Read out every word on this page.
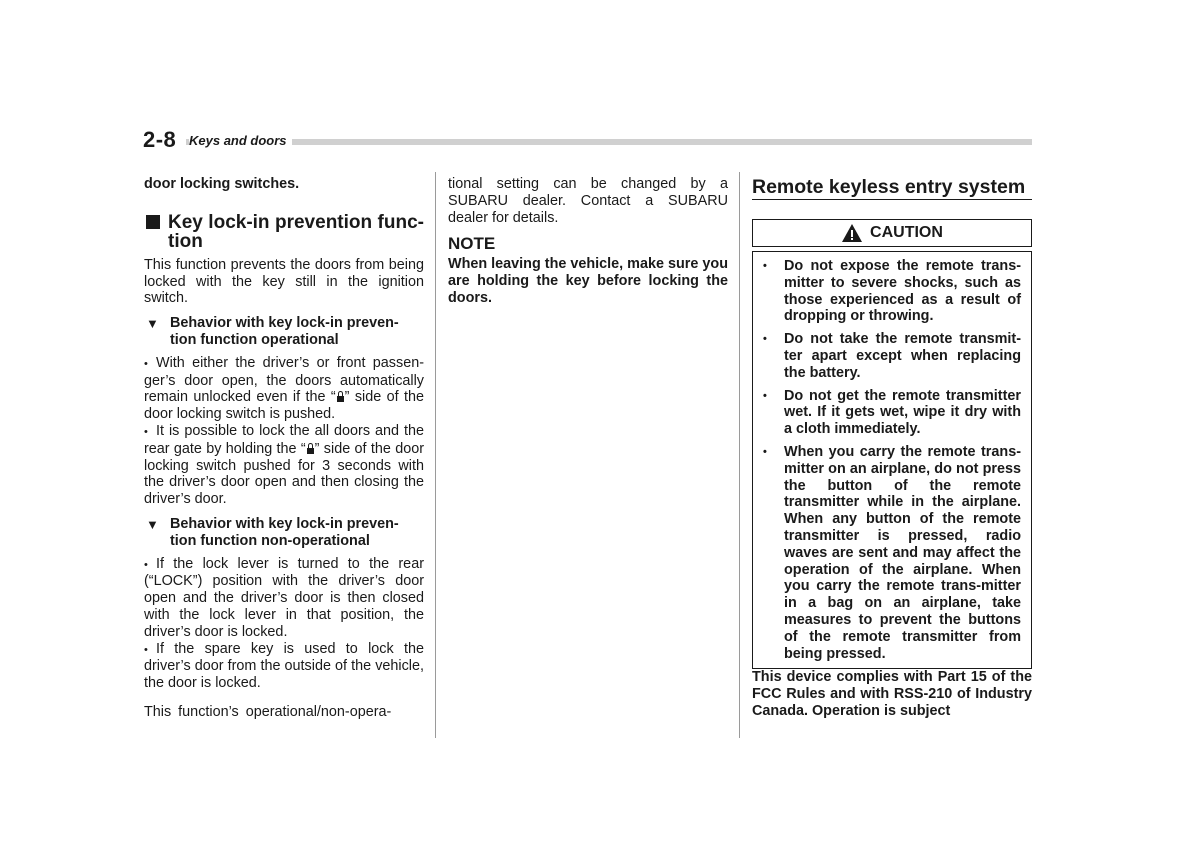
2-8 Keys and doors

door locking switches.

Key lock-in prevention func-tion

This function prevents the doors from being locked with the key still in the ignition switch.

▼ Behavior with key lock-in preven-tion function operational

• With either the driver’s or front passen-ger’s door open, the doors automatically remain unlocked even if the “ ” side of the door locking switch is pushed.

• It is possible to lock the all doors and the rear gate by holding the “ ” side of the door locking switch pushed for 3 seconds with the driver’s door open and then closing the driver’s door.

▼ Behavior with key lock-in preven-tion function non-operational

• If the lock lever is turned to the rear (“LOCK”) position with the driver’s door open and the driver’s door is then closed with the lock lever in that position, the driver’s door is locked.

• If the spare key is used to lock the driver’s door from the outside of the vehicle, the door is locked.

This function’s operational/non-opera-

tional setting can be changed by a SUBARU dealer. Contact a SUBARU dealer for details.

NOTE

When leaving the vehicle, make sure you are holding the key before locking the doors.

Remote keyless entry system
CAUTION
• Do not expose the remote trans-mitter to severe shocks, such as those experienced as a result of dropping or throwing.
• Do not take the remote transmit-ter apart except when replacing the battery.
• Do not get the remote transmitter wet. If it gets wet, wipe it dry with a cloth immediately.
• When you carry the remote trans-mitter on an airplane, do not press the button of the remote transmitter while in the airplane. When any button of the remote transmitter is pressed, radio waves are sent and may affect the operation of the airplane. When you carry the remote trans-mitter in a bag on an airplane, take measures to prevent the buttons of the remote transmitter from being pressed.

This device complies with Part 15 of the FCC Rules and with RSS-210 of Industry Canada. Operation is subject
